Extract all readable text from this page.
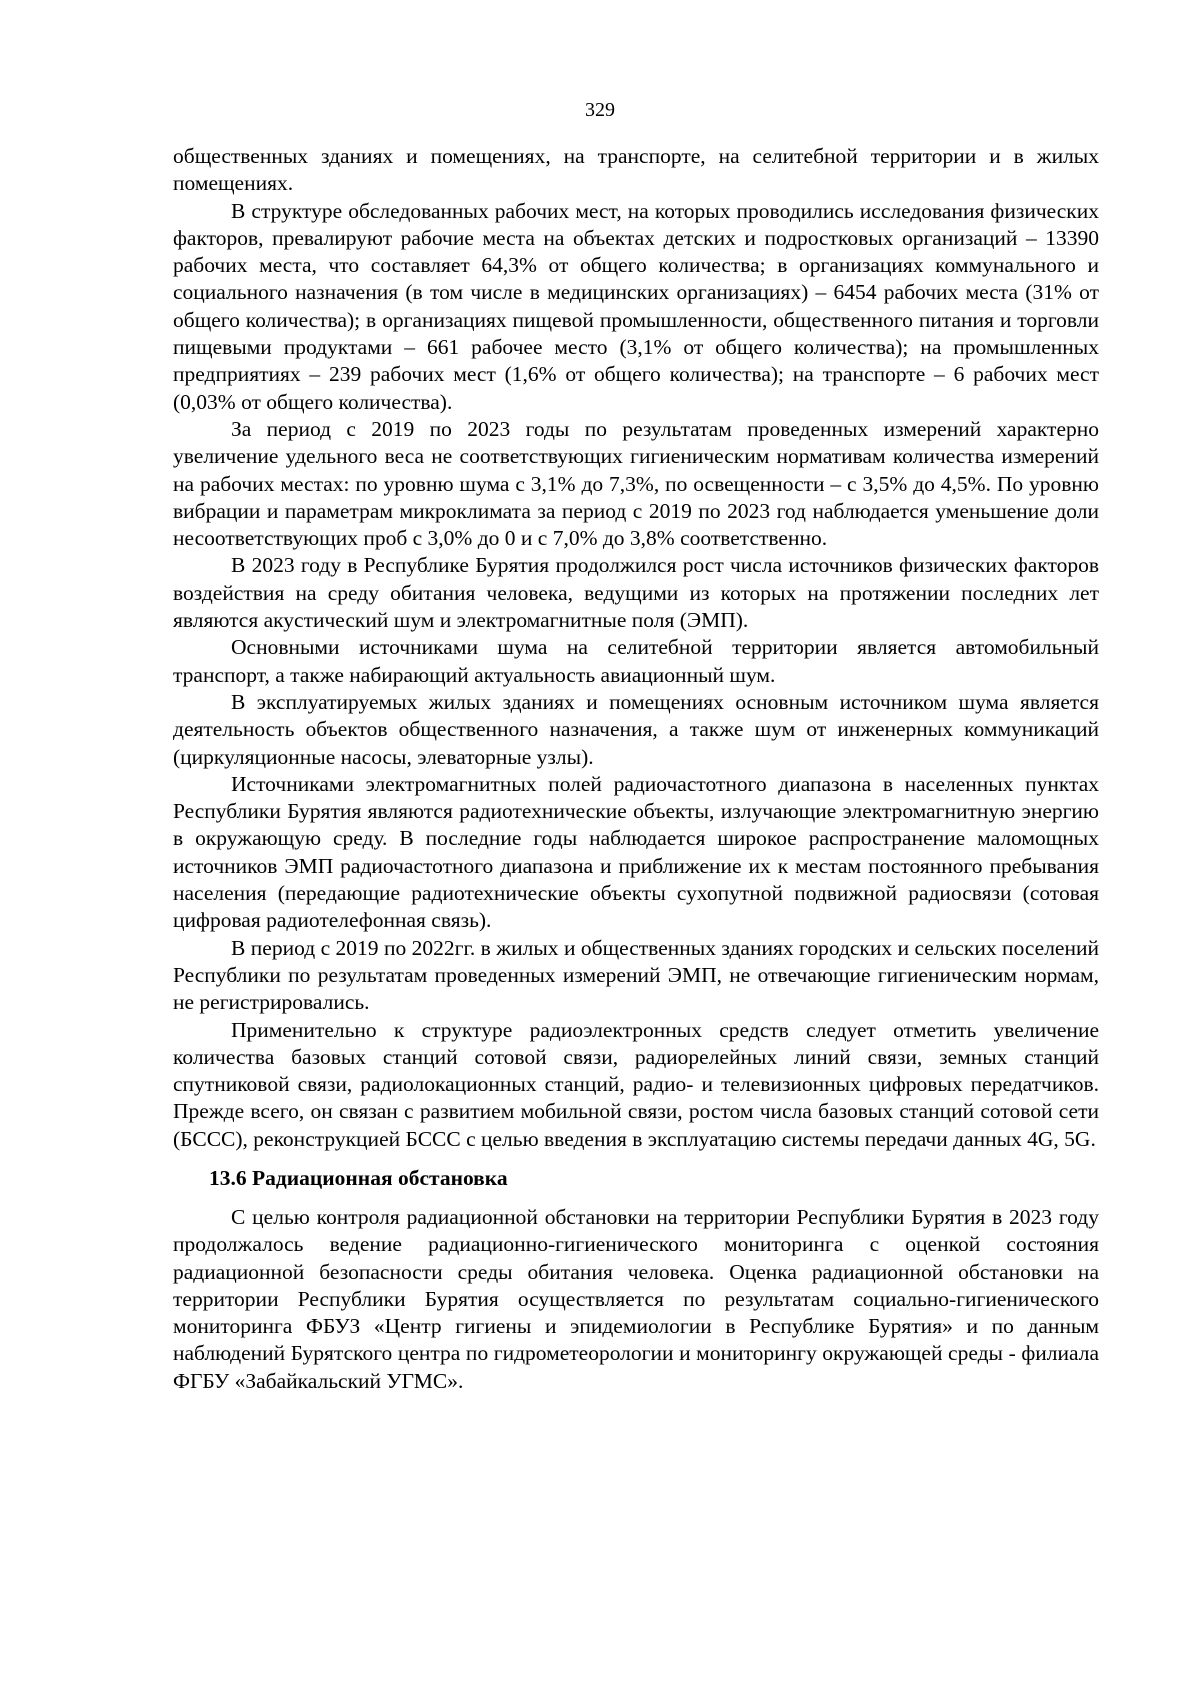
329

общественных зданиях и помещениях, на транспорте, на селитебной территории и в жилых помещениях.

В структуре обследованных рабочих мест, на которых проводились исследования физических факторов, превалируют рабочие места на объектах детских и подростковых организаций – 13390 рабочих места, что составляет 64,3% от общего количества; в организациях коммунального и социального назначения (в том числе в медицинских организациях) – 6454 рабочих места (31% от общего количества); в организациях пищевой промышленности, общественного питания и торговли пищевыми продуктами – 661 рабочее место (3,1% от общего количества); на промышленных предприятиях – 239 рабочих мест (1,6% от общего количества); на транспорте – 6 рабочих мест (0,03% от общего количества).

За период с 2019 по 2023 годы по результатам проведенных измерений характерно увеличение удельного веса не соответствующих гигиеническим нормативам количества измерений на рабочих местах: по уровню шума с 3,1% до 7,3%, по освещенности – с 3,5% до 4,5%. По уровню вибрации и параметрам микроклимата за период с 2019 по 2023 год наблюдается уменьшение доли несоответствующих проб с 3,0% до 0 и с 7,0% до 3,8% соответственно.

В 2023 году в Республике Бурятия продолжился рост числа источников физических факторов воздействия на среду обитания человека, ведущими из которых на протяжении последних лет являются акустический шум и электромагнитные поля (ЭМП).

Основными источниками шума на селитебной территории является автомобильный транспорт, а также набирающий актуальность авиационный шум.

В эксплуатируемых жилых зданиях и помещениях основным источником шума является деятельность объектов общественного назначения, а также шум от инженерных коммуникаций (циркуляционные насосы, элеваторные узлы).

Источниками электромагнитных полей радиочастотного диапазона в населенных пунктах Республики Бурятия являются радиотехнические объекты, излучающие электромагнитную энергию в окружающую среду. В последние годы наблюдается широкое распространение маломощных источников ЭМП радиочастотного диапазона и приближение их к местам постоянного пребывания населения (передающие радиотехнические объекты сухопутной подвижной радиосвязи (сотовая цифровая радиотелефонная связь).

В период с 2019 по 2022гг. в жилых и общественных зданиях городских и сельских поселений Республики по результатам проведенных измерений ЭМП, не отвечающие гигиеническим нормам, не регистрировались.

Применительно к структуре радиоэлектронных средств следует отметить увеличение количества базовых станций сотовой связи, радиорелейных линий связи, земных станций спутниковой связи, радиолокационных станций, радио- и телевизионных цифровых передатчиков. Прежде всего, он связан с развитием мобильной связи, ростом числа базовых станций сотовой сети (БССС), реконструкцией БССС с целью введения в эксплуатацию системы передачи данных 4G, 5G.

13.6 Радиационная обстановка

С целью контроля радиационной обстановки на территории Республики Бурятия в 2023 году продолжалось ведение радиационно-гигиенического мониторинга с оценкой состояния радиационной безопасности среды обитания человека. Оценка радиационной обстановки на территории Республики Бурятия осуществляется по результатам социально-гигиенического мониторинга ФБУЗ «Центр гигиены и эпидемиологии в Республике Бурятия» и по данным наблюдений Бурятского центра по гидрометеорологии и мониторингу окружающей среды - филиала ФГБУ «Забайкальский УГМС».
